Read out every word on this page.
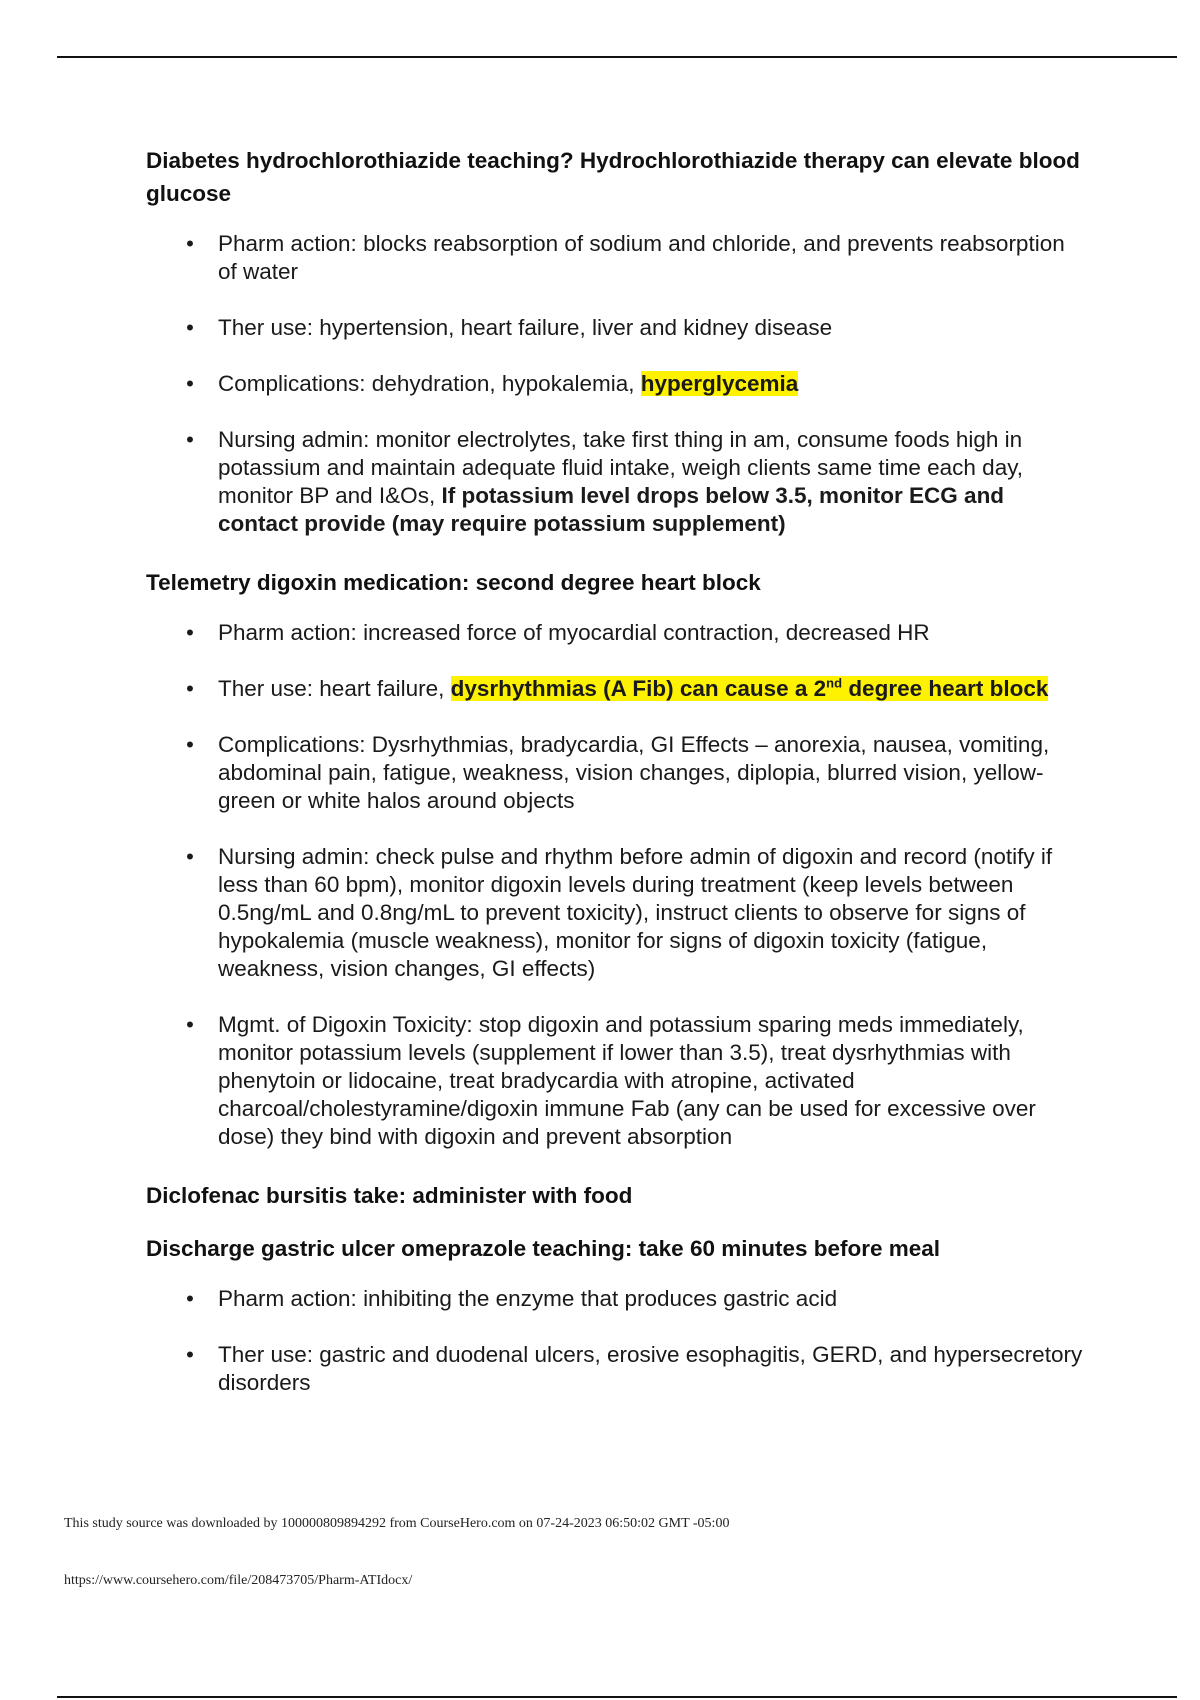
Diabetes hydrochlorothiazide teaching? Hydrochlorothiazide therapy can elevate blood glucose
• Pharm action: blocks reabsorption of sodium and chloride, and prevents reabsorption of water
• Ther use: hypertension, heart failure, liver and kidney disease
• Complications: dehydration, hypokalemia, hyperglycemia
• Nursing admin: monitor electrolytes, take first thing in am, consume foods high in potassium and maintain adequate fluid intake, weigh clients same time each day, monitor BP and I&Os, If potassium level drops below 3.5, monitor ECG and contact provide (may require potassium supplement)
Telemetry digoxin medication: second degree heart block
• Pharm action: increased force of myocardial contraction, decreased HR
• Ther use: heart failure, dysrhythmias (A Fib) can cause a 2nd degree heart block
• Complications: Dysrhythmias, bradycardia, GI Effects – anorexia, nausea, vomiting, abdominal pain, fatigue, weakness, vision changes, diplopia, blurred vision, yellow-green or white halos around objects
• Nursing admin: check pulse and rhythm before admin of digoxin and record (notify if less than 60 bpm), monitor digoxin levels during treatment (keep levels between 0.5ng/mL and 0.8ng/mL to prevent toxicity), instruct clients to observe for signs of hypokalemia (muscle weakness), monitor for signs of digoxin toxicity (fatigue, weakness, vision changes, GI effects)
• Mgmt. of Digoxin Toxicity: stop digoxin and potassium sparing meds immediately, monitor potassium levels (supplement if lower than 3.5), treat dysrhythmias with phenytoin or lidocaine, treat bradycardia with atropine, activated charcoal/cholestyramine/digoxin immune Fab (any can be used for excessive over dose) they bind with digoxin and prevent absorption
Diclofenac bursitis take: administer with food
Discharge gastric ulcer omeprazole teaching: take 60 minutes before meal
• Pharm action: inhibiting the enzyme that produces gastric acid
• Ther use: gastric and duodenal ulcers, erosive esophagitis, GERD, and hypersecretory disorders
This study source was downloaded by 100000809894292 from CourseHero.com on 07-24-2023 06:50:02 GMT -05:00
https://www.coursehero.com/file/208473705/Pharm-ATIdocx/
